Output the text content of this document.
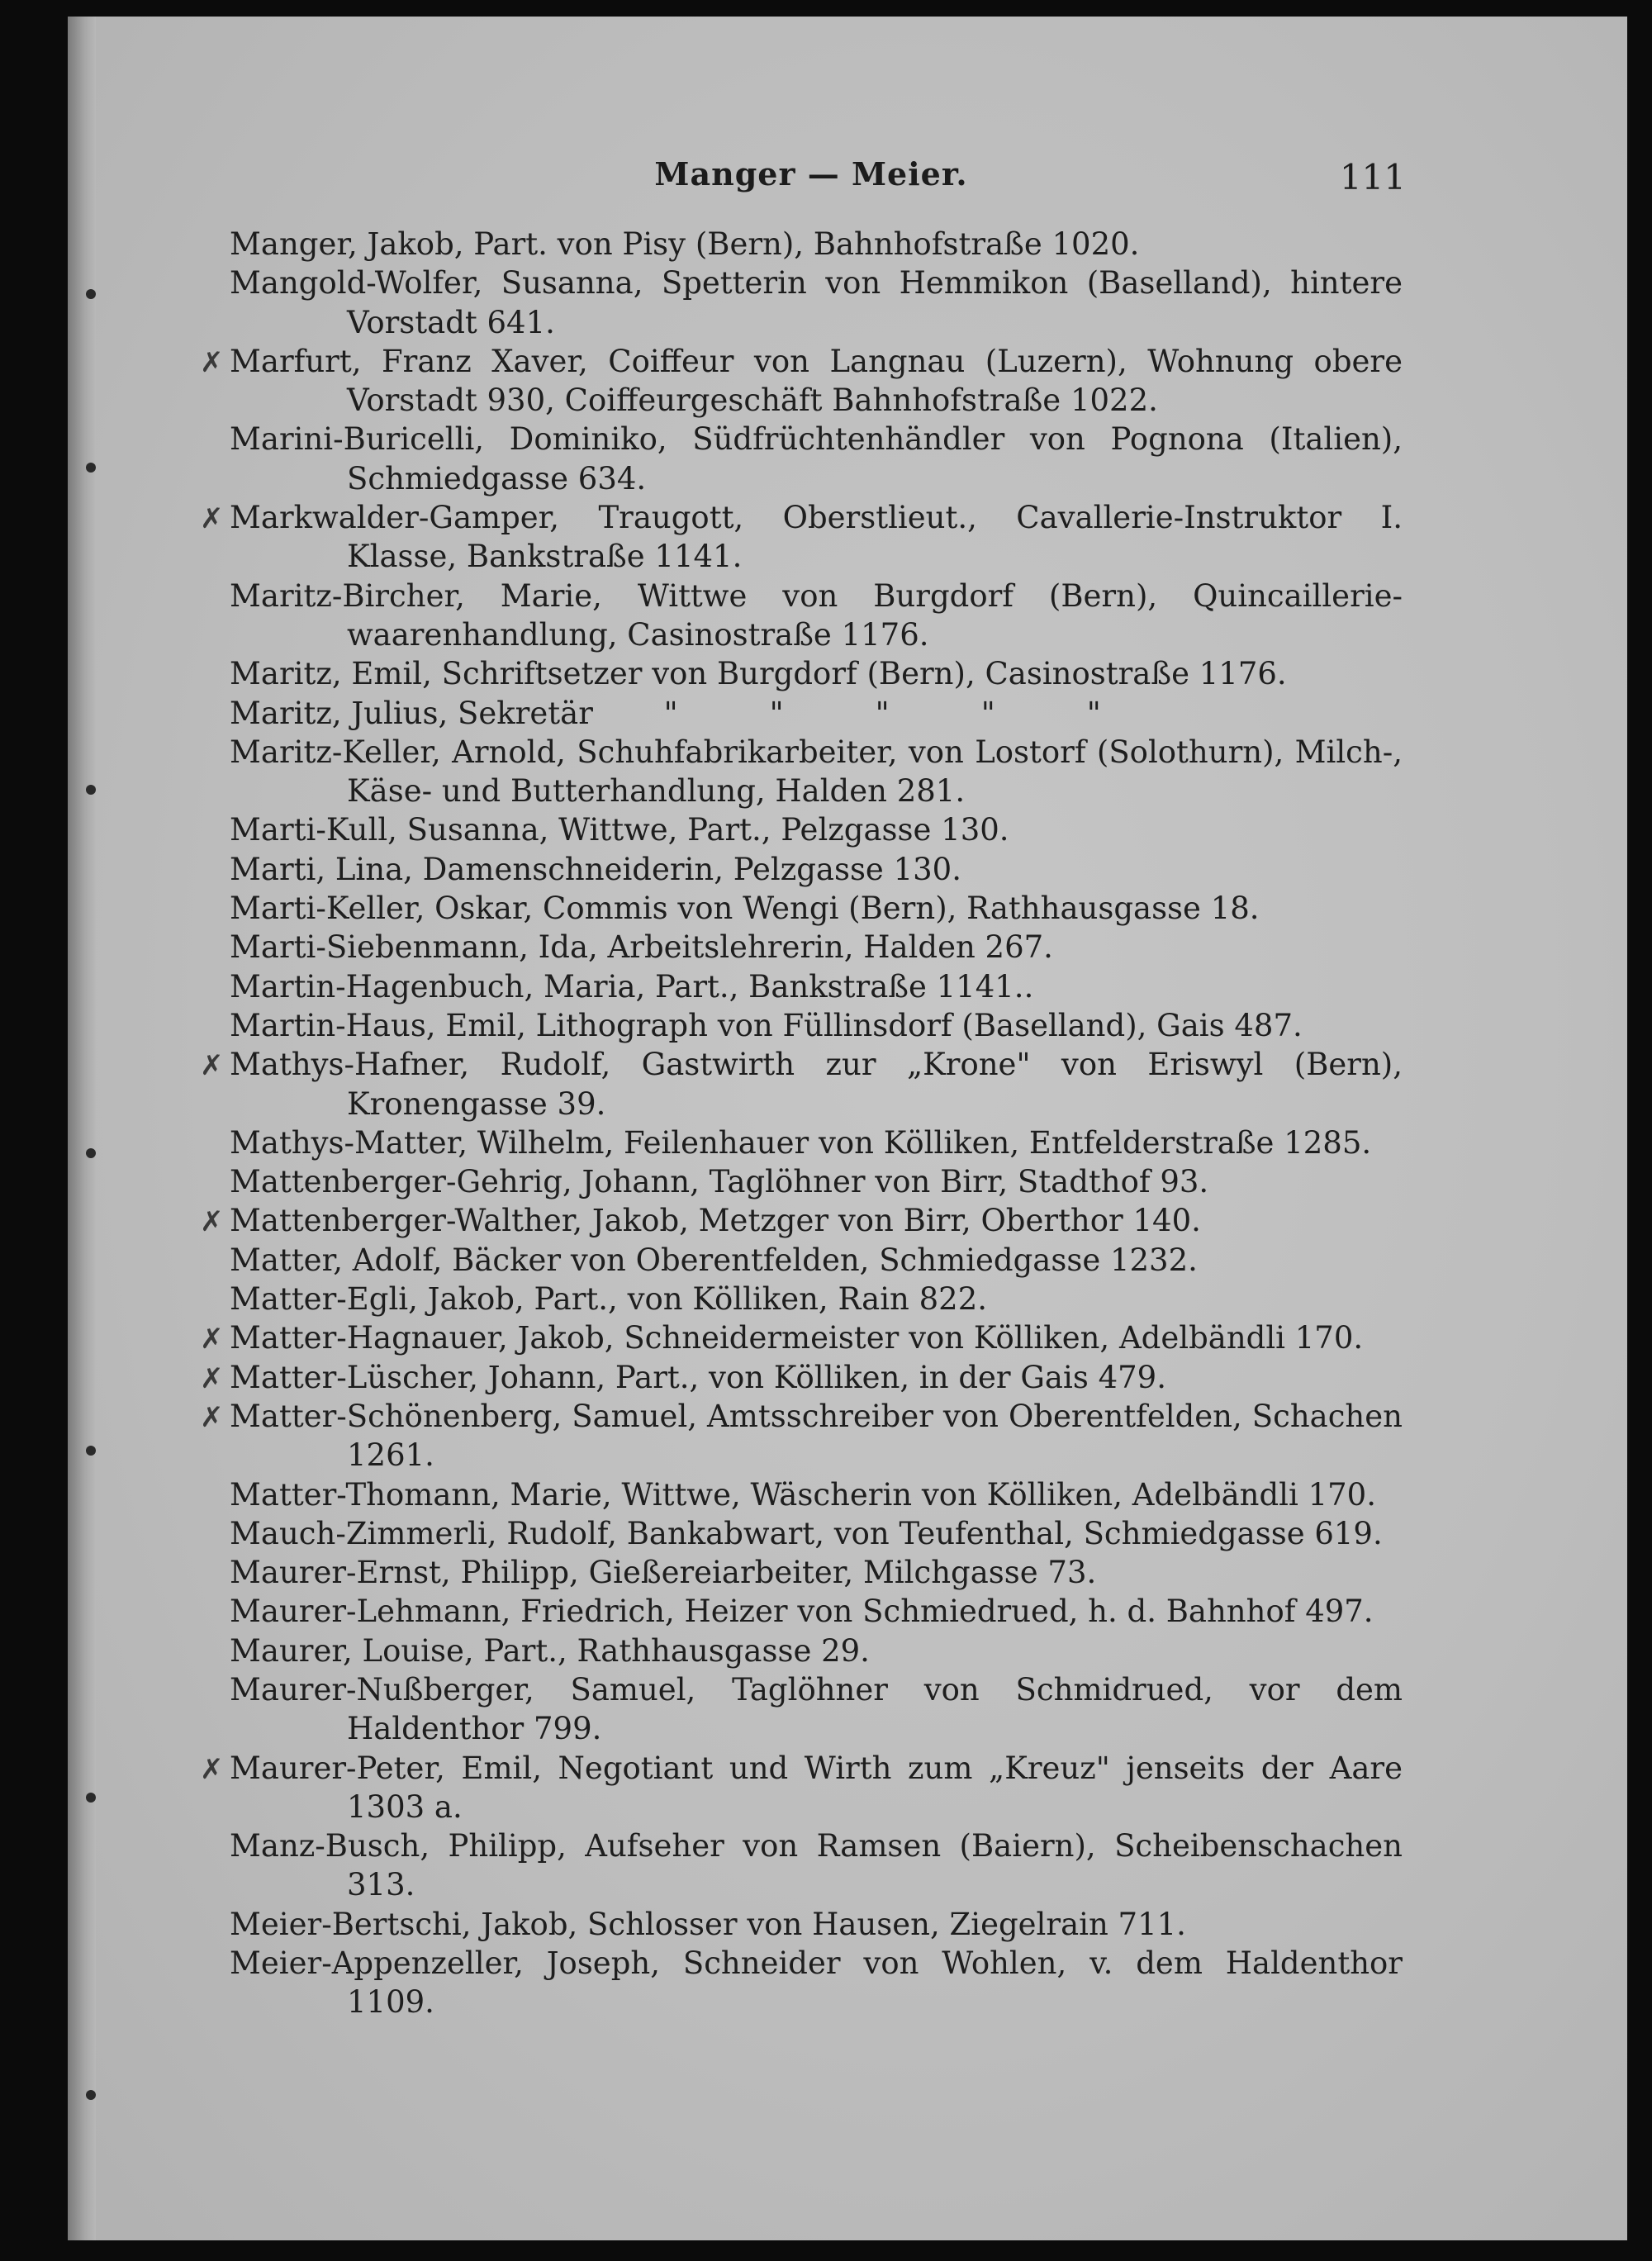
Manger — Meier.	111
Manger, Jakob, Part. von Pisy (Bern), Bahnhofstraße 1020.
Mangold-Wolfer, Susanna, Spetterin von Hemmikon (Baselland), hintere Vorstadt 641.
✗ Marfurt, Franz Xaver, Coiffeur von Langnau (Luzern), Wohnung obere Vorstadt 930, Coiffeurgeschäft Bahnhofstraße 1022.
Marini-Buricelli, Dominiko, Südfrüchtenhändler von Pognona (Italien), Schmiedgasse 634.
✗ Markwalder-Gamper, Traugott, Oberstlieut., Cavallerie-Instruktor I. Klasse, Bankstraße 1141.
Maritz-Bircher, Marie, Wittwe von Burgdorf (Bern), Quincaillerie-waarenhandlung, Casinostraße 1176.
Maritz, Emil, Schriftsetzer von Burgdorf (Bern), Casinostraße 1176.
Maritz, Julius, Sekretär   "   "   "   "   "
Maritz-Keller, Arnold, Schuhfabrikarbeiter, von Lostorf (Solothurn), Milch-, Käse- und Butterhandlung, Halden 281.
Marti-Kull, Susanna, Wittwe, Part., Pelzgasse 130.
Marti, Lina, Damenschneiderin, Pelzgasse 130.
Marti-Keller, Oskar, Commis von Wengi (Bern), Rathhausgasse 18.
Marti-Siebenmann, Ida, Arbeitslehrerin, Halden 267.
Martin-Hagenbuch, Maria, Part., Bankstraße 1141..
Martin-Haus, Emil, Lithograph von Füllinsdorf (Baselland), Gais 487.
✗ Mathys-Hafner, Rudolf, Gastwirth zur „Krone" von Eriswyl (Bern), Kronengasse 39.
Mathys-Matter, Wilhelm, Feilenhauer von Kölliken, Entfelderstraße 1285.
Mattenberger-Gehrig, Johann, Taglöhner von Birr, Stadthof 93.
✗ Mattenberger-Walther, Jakob, Metzger von Birr, Oberthor 140.
Matter, Adolf, Bäcker von Oberentfelden, Schmiedgasse 1232.
Matter-Egli, Jakob, Part., von Kölliken, Rain 822.
✗ Matter-Hagnauer, Jakob, Schneidermeister von Kölliken, Adelbändli 170.
✗ Matter-Lüscher, Johann, Part., von Kölliken, in der Gais 479.
✗ Matter-Schönenberg, Samuel, Amtsschreiber von Oberentfelden, Schachen 1261.
Matter-Thomann, Marie, Wittwe, Wäscherin von Kölliken, Adelbändli 170.
Mauch-Zimmerli, Rudolf, Bankabwart, von Teufenthal, Schmiedgasse 619.
Maurer-Ernst, Philipp, Gießereiarbeiter, Milchgasse 73.
Maurer-Lehmann, Friedrich, Heizer von Schmiedrued, h. d. Bahnhof 497.
Maurer, Louise, Part., Rathhausgasse 29.
Maurer-Nußberger, Samuel, Taglöhner von Schmidrued, vor dem Haldenthor 799.
✗ Maurer-Peter, Emil, Negotiant und Wirth zum „Kreuz" jenseits der Aare 1303 a.
Manz-Busch, Philipp, Aufseher von Ramsen (Baiern), Scheibenschachen 313.
Meier-Bertschi, Jakob, Schlosser von Hausen, Ziegelrain 711.
Meier-Appenzeller, Joseph, Schneider von Wohlen, v. dem Haldenthor 1109.
